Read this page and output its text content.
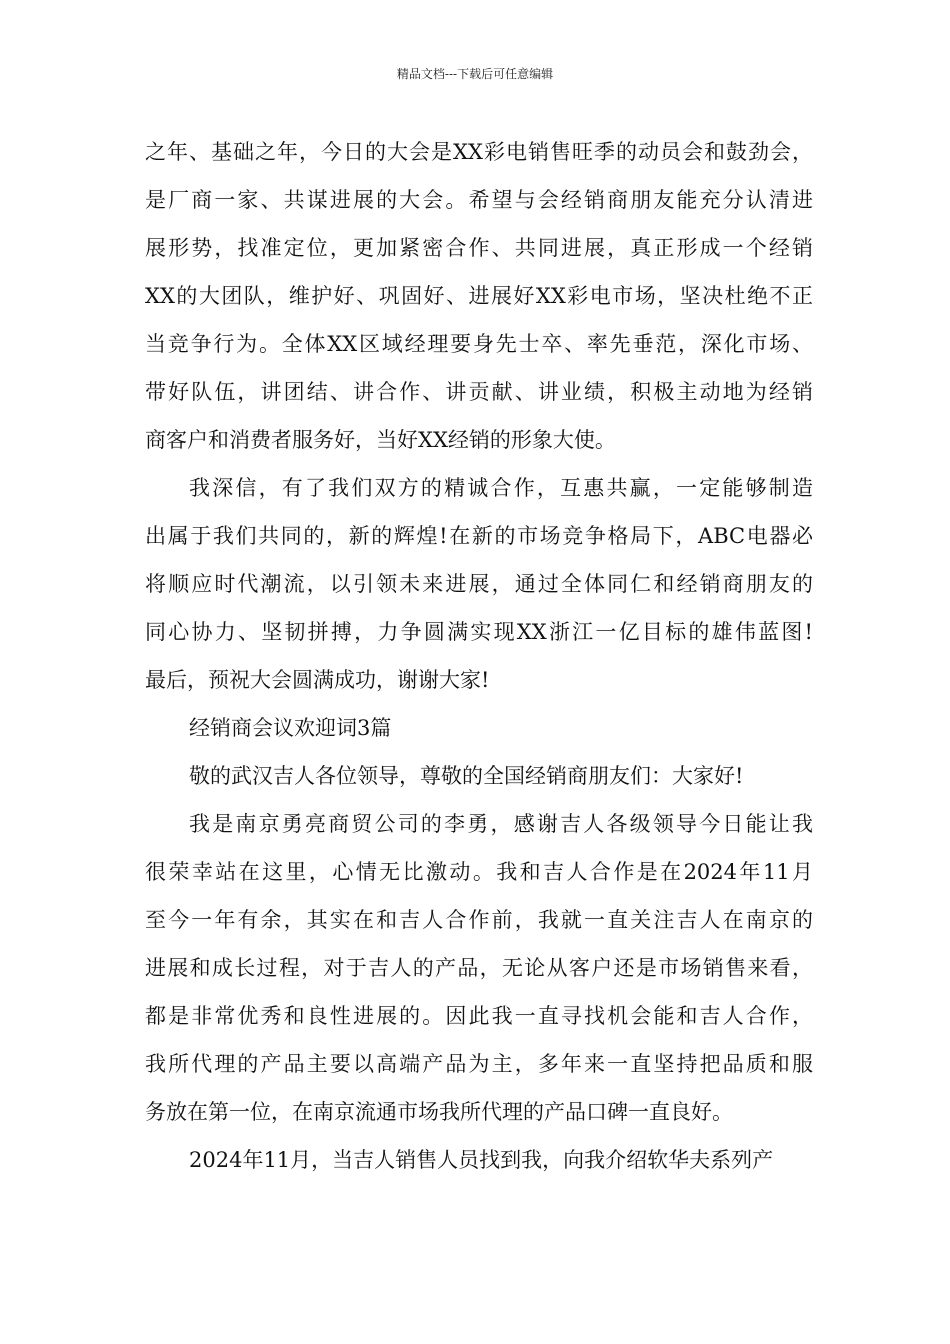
精品文档---下载后可任意编辑
之年、基础之年，今日的大会是XX彩电销售旺季的动员会和鼓劲会，
是厂商一家、共谋进展的大会。希望与会经销商朋友能充分认清进
展形势，找准定位，更加紧密合作、共同进展，真正形成一个经销
XX的大团队，维护好、巩固好、进展好XX彩电市场，坚决杜绝不正
当竞争行为。全体XX区域经理要身先士卒、率先垂范，深化市场、
带好队伍，讲团结、讲合作、讲贡献、讲业绩，积极主动地为经销
商客户和消费者服务好，当好XX经销的形象大使。
我深信，有了我们双方的精诚合作，互惠共赢，一定能够制造
出属于我们共同的，新的辉煌!在新的市场竞争格局下，ABC电器必
将顺应时代潮流，以引领未来进展，通过全体同仁和经销商朋友的
同心协力、坚韧拼搏，力争圆满实现XX浙江一亿目标的雄伟蓝图!
最后，预祝大会圆满成功，谢谢大家!
经销商会议欢迎词3篇
敬的武汉吉人各位领导，尊敬的全国经销商朋友们：大家好!
我是南京勇亮商贸公司的李勇，感谢吉人各级领导今日能让我
很荣幸站在这里，心情无比激动。我和吉人合作是在2024年11月
至今一年有余，其实在和吉人合作前，我就一直关注吉人在南京的
进展和成长过程，对于吉人的产品，无论从客户还是市场销售来看，
都是非常优秀和良性进展的。因此我一直寻找机会能和吉人合作，
我所代理的产品主要以高端产品为主，多年来一直坚持把品质和服
务放在第一位，在南京流通市场我所代理的产品口碑一直良好。
2024年11月，当吉人销售人员找到我，向我介绍软华夫系列产
